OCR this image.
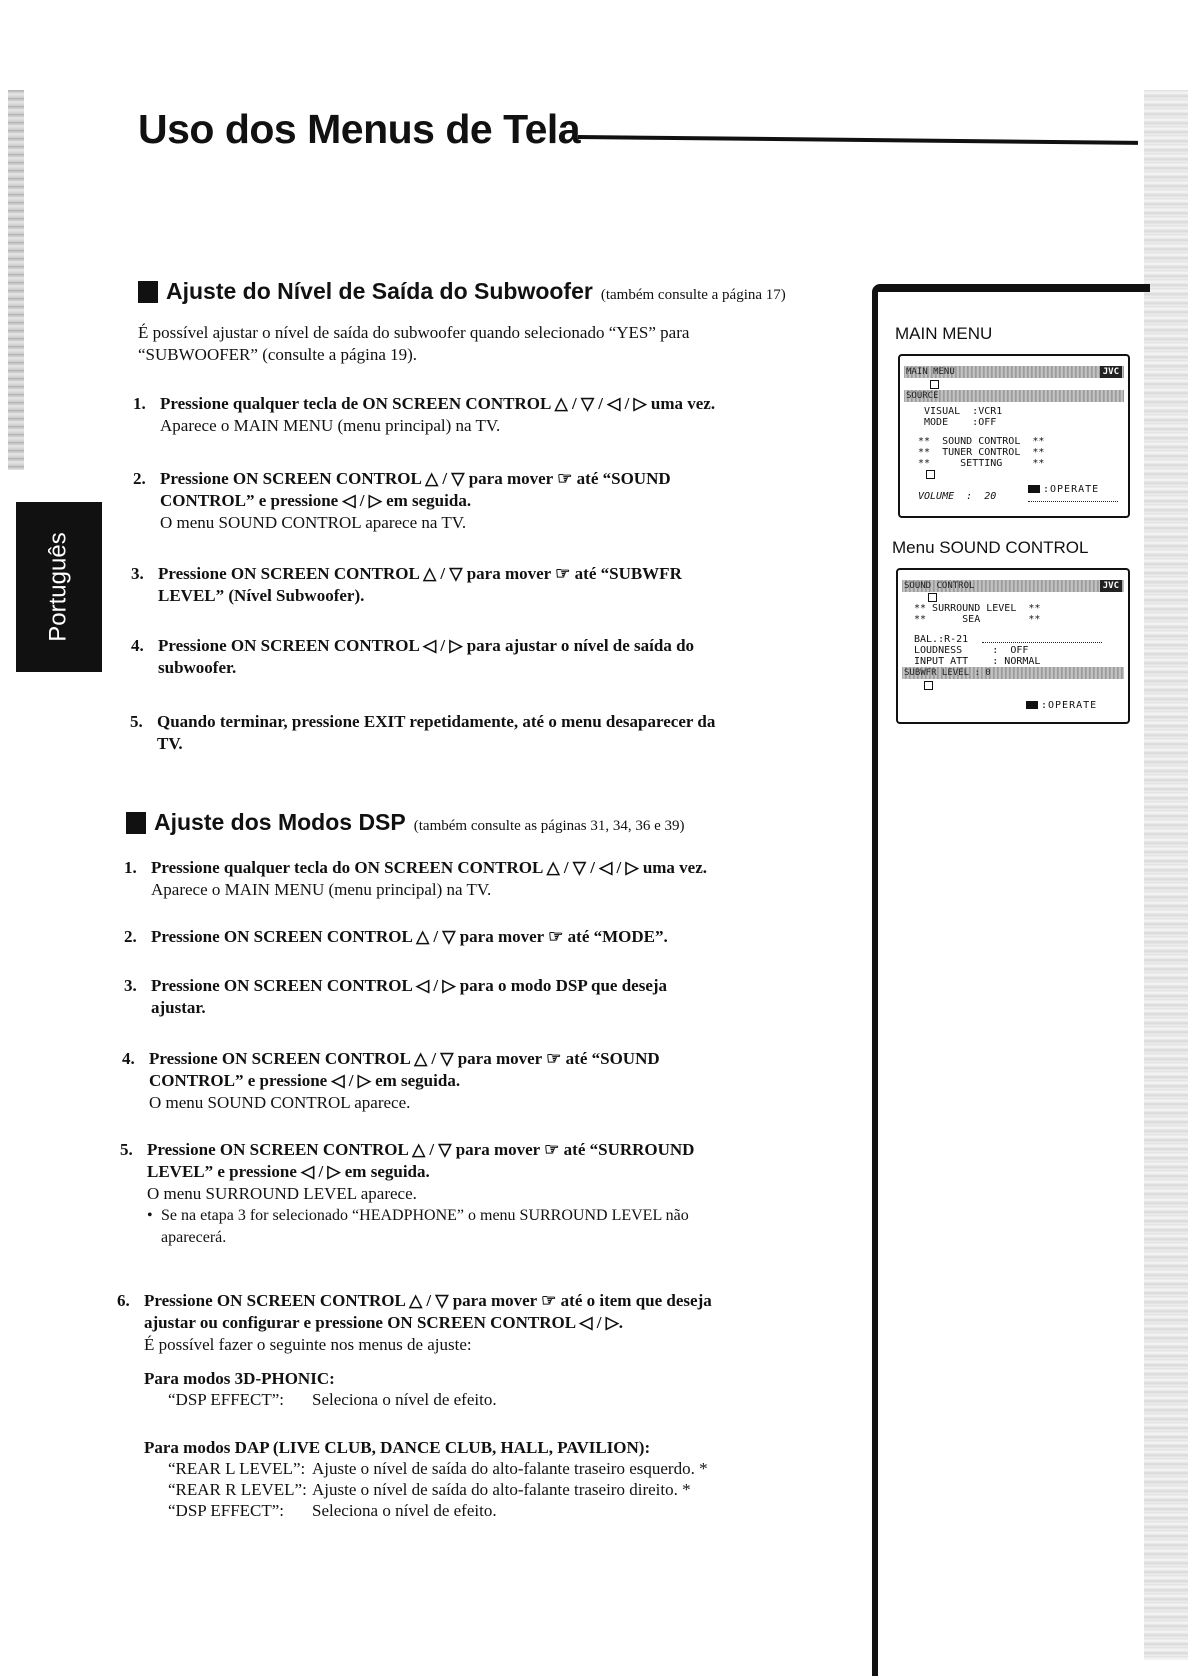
Uso dos Menus de Tela
Português
Ajuste do Nível de Saída do Subwoofer (também consulte a página 17)
É possível ajustar o nível de saída do subwoofer quando selecionado “YES” para
“SUBWOOFER” (consulte a página 19).
1. Pressione qualquer tecla de ON SCREEN CONTROL △ / ▽ / ◁ / ▷ uma vez.
Aparece o MAIN MENU (menu principal) na TV.
2. Pressione ON SCREEN CONTROL △ / ▽ para mover ☞ até “SOUND
CONTROL” e pressione ◁ / ▷ em seguida.
O menu SOUND CONTROL aparece na TV.
3. Pressione ON SCREEN CONTROL △ / ▽ para mover ☞ até “SUBWFR
LEVEL” (Nível Subwoofer).
4. Pressione ON SCREEN CONTROL ◁ / ▷ para ajustar o nível de saída do
subwoofer.
5. Quando terminar, pressione EXIT repetidamente, até o menu desaparecer da
TV.
Ajuste dos Modos DSP (também consulte as páginas 31, 34, 36 e 39)
1. Pressione qualquer tecla do ON SCREEN CONTROL △ / ▽ / ◁ / ▷ uma vez.
Aparece o MAIN MENU (menu principal) na TV.
2. Pressione ON SCREEN CONTROL △ / ▽ para mover ☞ até “MODE”.
3. Pressione ON SCREEN CONTROL ◁ / ▷ para o modo DSP que deseja
ajustar.
4. Pressione ON SCREEN CONTROL △ / ▽ para mover ☞ até “SOUND
CONTROL” e pressione ◁ / ▷ em seguida.
O menu SOUND CONTROL aparece.
5. Pressione ON SCREEN CONTROL △ / ▽ para mover ☞ até “SURROUND
LEVEL” e pressione ◁ / ▷ em seguida.
O menu SURROUND LEVEL aparece.
• Se na etapa 3 for selecionado “HEADPHONE” o menu SURROUND LEVEL não
aparecerá.
6. Pressione ON SCREEN CONTROL △ / ▽ para mover ☞ até o item que deseja
ajustar ou configurar e pressione ON SCREEN CONTROL ◁ / ▷.
É possível fazer o seguinte nos menus de ajuste:
Para modos 3D-PHONIC:
“DSP EFFECT”:	Seleciona o nível de efeito.
Para modos DAP (LIVE CLUB, DANCE CLUB, HALL, PAVILION):
“REAR L LEVEL”: Ajuste o nível de saída do alto-falante traseiro esquerdo. *
“REAR R LEVEL”: Ajuste o nível de saída do alto-falante traseiro direito. *
“DSP EFFECT”:	Seleciona o nível de efeito.
MAIN MENU
MAIN MENU	JVC
SOURCE
VISUAL  :VCR1
MODE    :OFF
**  SOUND CONTROL  **
**  TUNER CONTROL  **
**     SETTING     **
VOLUME  :  20
:OPERATE
Menu SOUND CONTROL
SOUND CONTROL	JVC
** SURROUND LEVEL  **
**      SEA        **
BAL.:R-21
LOUDNESS     :  OFF
INPUT ATT    : NORMAL
SUBWFR LEVEL : 0
:OPERATE
